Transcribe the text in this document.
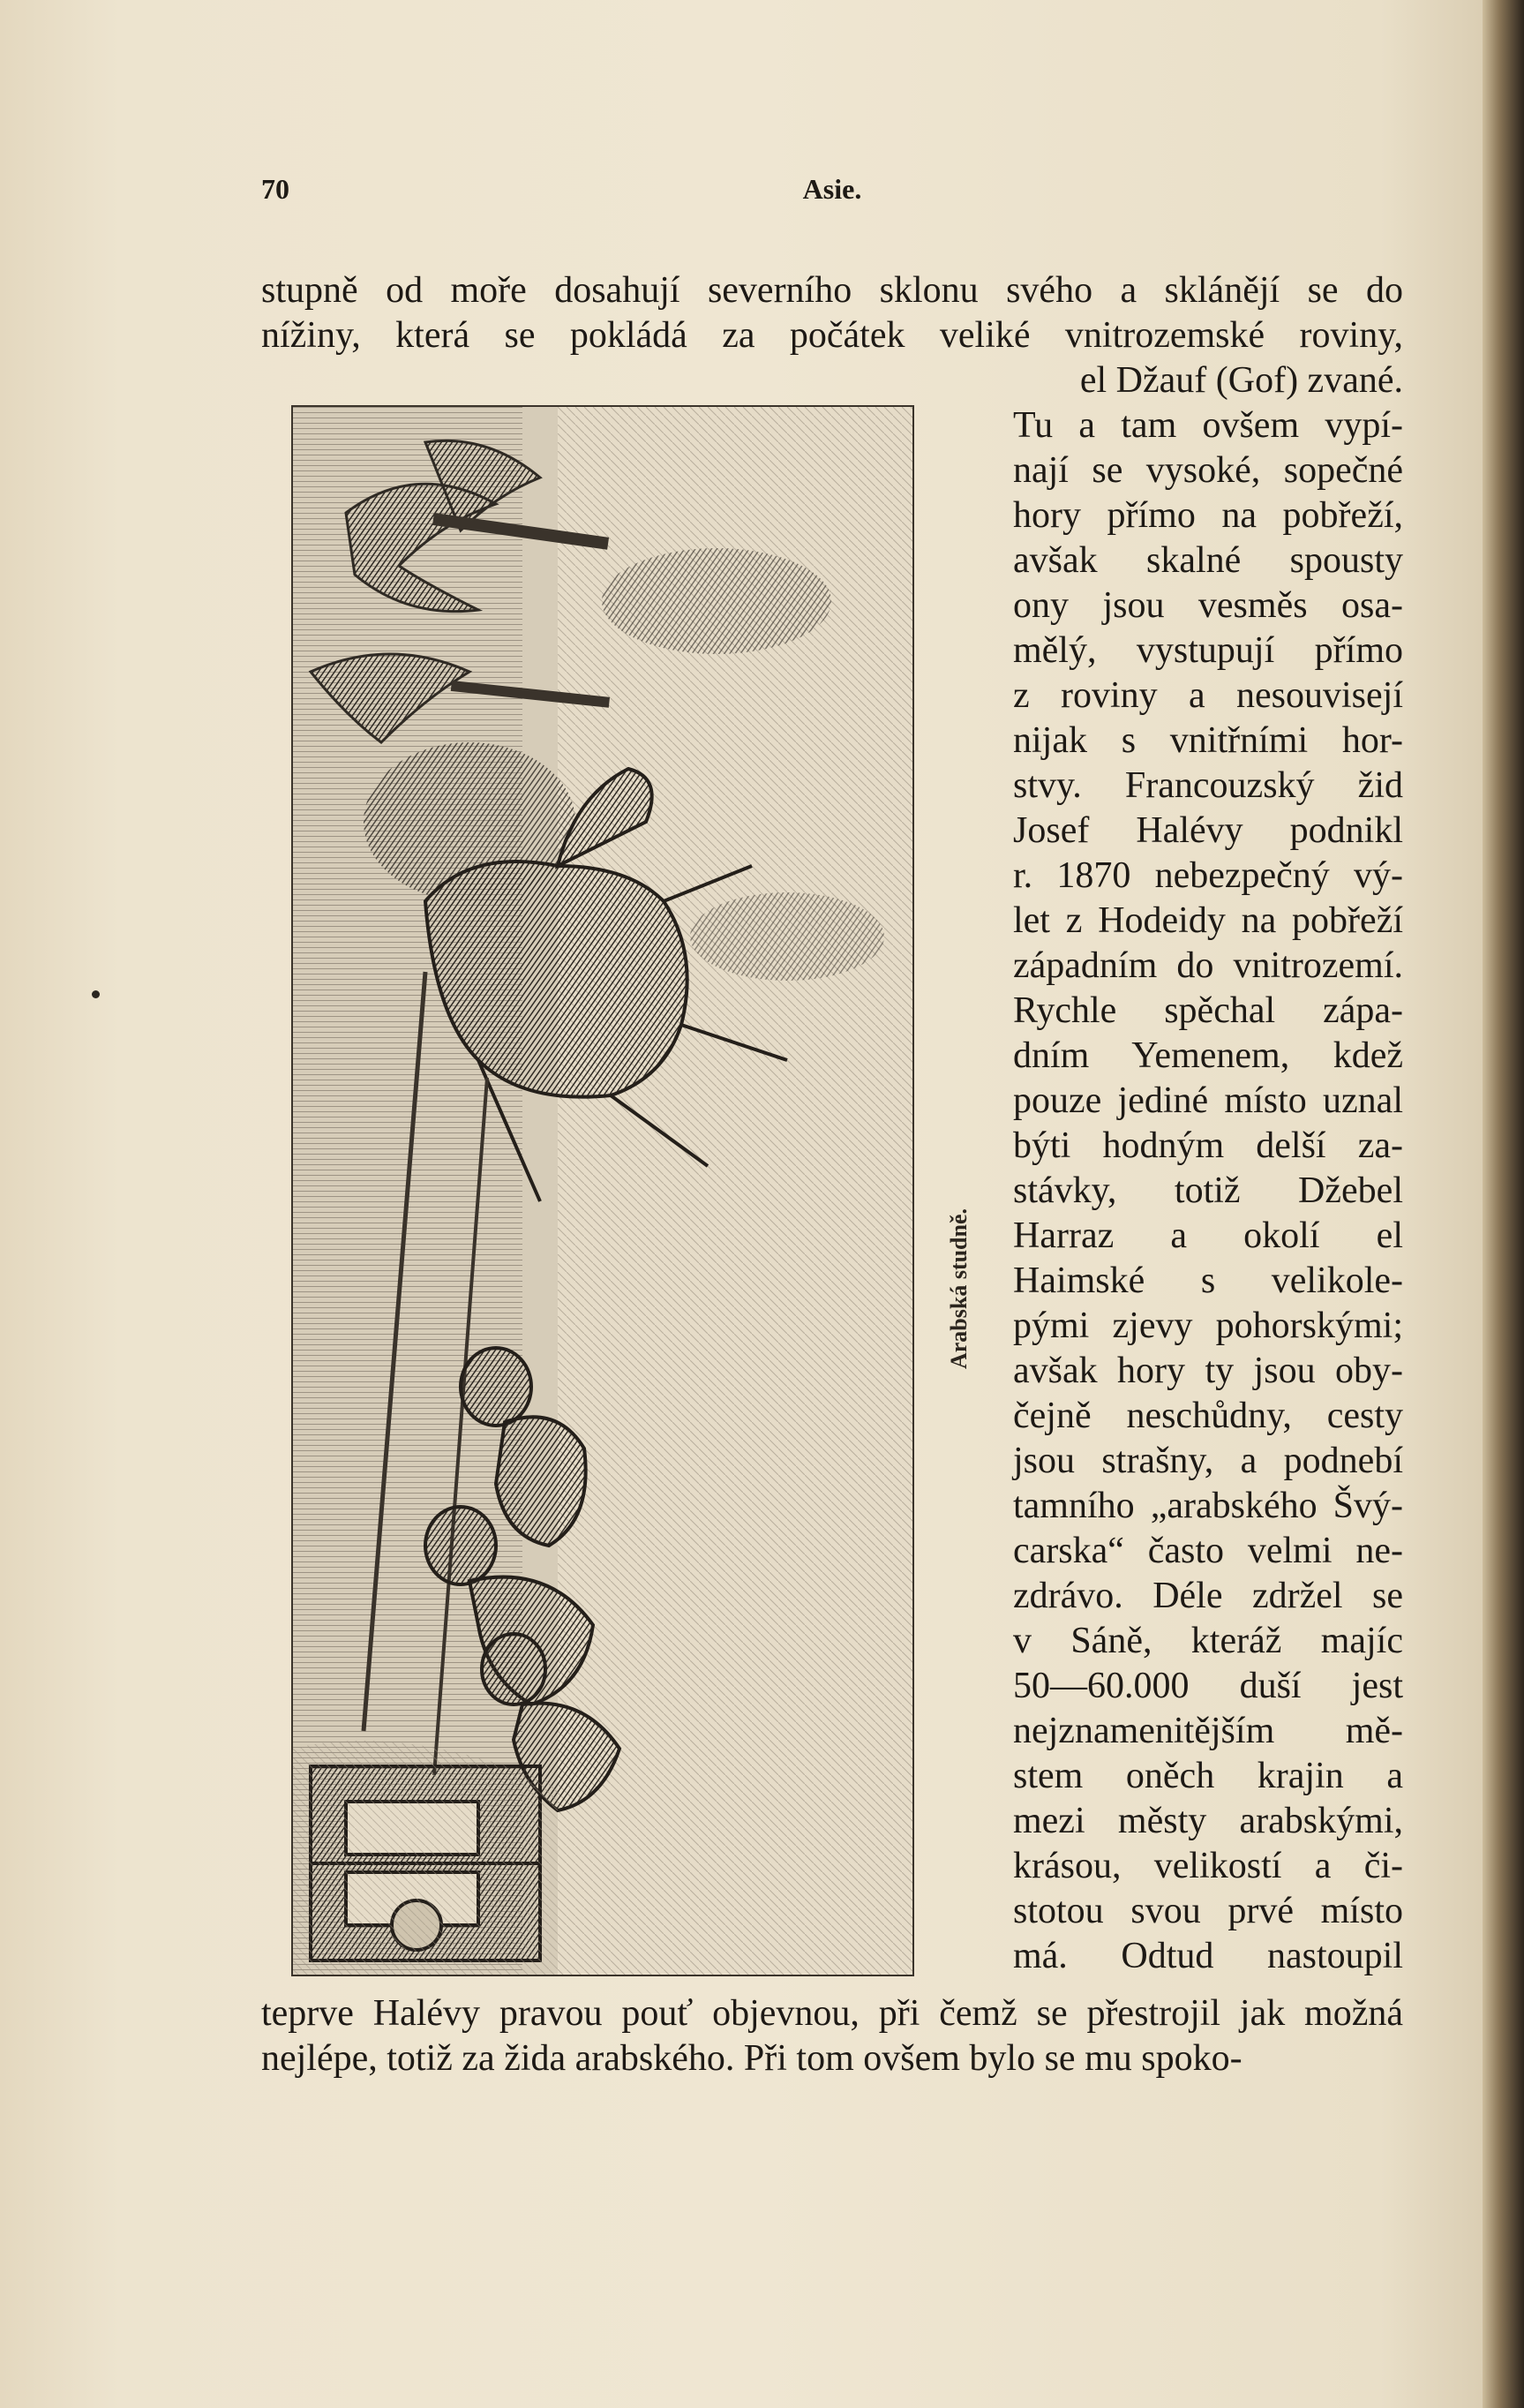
70	Asie.
stupně od moře dosahují severního sklonu svého a sklánějí se do
nížiny, která se pokládá za počátek veliké vnitrozemské roviny,
el Džauf (Gof) zvané.
Tu a tam ovšem vypí-
nají se vysoké, sopečné
hory přímo na pobřeží,
avšak skalné spousty
ony jsou vesměs osa-
mělý, vystupují přímo
z roviny a nesouvisejí
nijak s vnitřními hor-
stvy. Francouzský žid
Josef Halévy podnikl
r. 1870 nebezpečný vý-
let z Hodeidy na pobřeží
západním do vnitrozemí.
Rychle spěchal zápa-
dním Yemenem, kdež
pouze jediné místo uznal
býti hodným delší za-
stávky, totiž Džebel
Harraz a okolí el
Haimské s velikole-
pými zjevy pohorskými;
avšak hory ty jsou oby-
čejně neschůdny, cesty
jsou strašny, a podnebí
tamního „arabského Švý-
carska“ často velmi ne-
zdrávo. Déle zdržel se
v Sáně, kteráž majíc
50—60.000 duší jest
nejznamenitějším mě-
stem oněch krajin a
mezi městy arabskými,
krásou, velikostí a či-
stotou svou prvé místo
má. Odtud nastoupil
teprve Halévy pravou pouť objevnou, při čemž se přestrojil jak možná
nejlépe, totiž za žida arabského. Při tom ovšem bylo se mu spoko-
Arabská studně.
